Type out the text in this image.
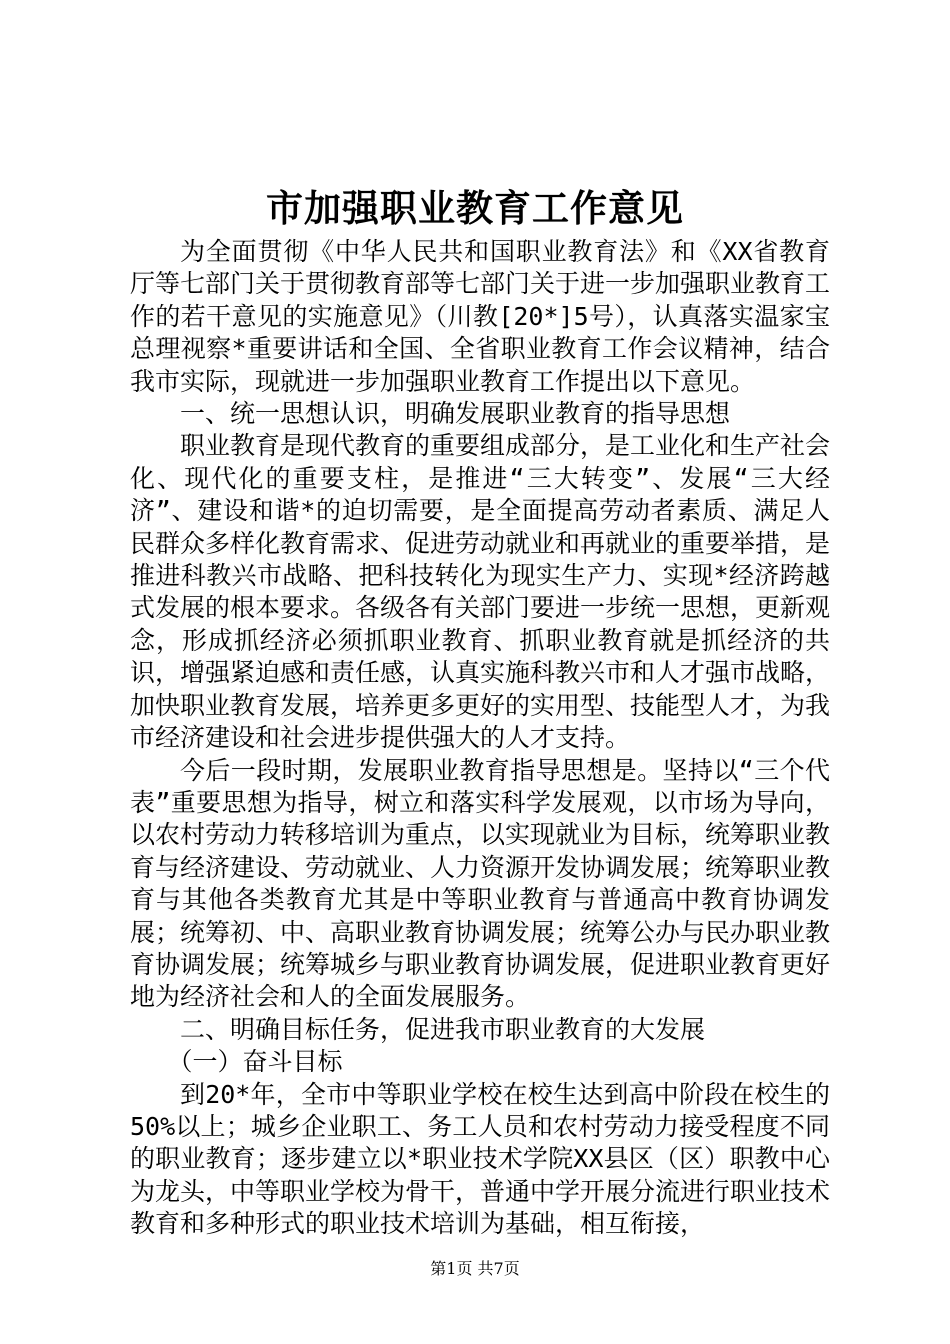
市加强职业教育工作意见

为全面贯彻《中华人民共和国职业教育法》和《XX省教育厅等七部门关于贯彻教育部等七部门关于进一步加强职业教育工作的若干意见的实施意见》（川教[20*]5号），认真落实温家宝总理视察*重要讲话和全国、全省职业教育工作会议精神，结合我市实际，现就进一步加强职业教育工作提出以下意见。

一、统一思想认识，明确发展职业教育的指导思想

职业教育是现代教育的重要组成部分，是工业化和生产社会化、现代化的重要支柱，是推进“三大转变”、发展“三大经济”、建设和谐*的迫切需要，是全面提高劳动者素质、满足人民群众多样化教育需求、促进劳动就业和再就业的重要举措，是推进科教兴市战略、把科技转化为现实生产力、实现*经济跨越式发展的根本要求。各级各有关部门要进一步统一思想，更新观念，形成抓经济必须抓职业教育、抓职业教育就是抓经济的共识，增强紧迫感和责任感，认真实施科教兴市和人才强市战略，加快职业教育发展，培养更多更好的实用型、技能型人才，为我市经济建设和社会进步提供强大的人才支持。

今后一段时期，发展职业教育指导思想是。坚持以“三个代表”重要思想为指导，树立和落实科学发展观，以市场为导向，以农村劳动力转移培训为重点，以实现就业为目标，统筹职业教育与经济建设、劳动就业、人力资源开发协调发展；统筹职业教育与其他各类教育尤其是中等职业教育与普通高中教育协调发展；统筹初、中、高职业教育协调发展；统筹公办与民办职业教育协调发展；统筹城乡与职业教育协调发展，促进职业教育更好地为经济社会和人的全面发展服务。

二、明确目标任务，促进我市职业教育的大发展

（一）奋斗目标

到20*年，全市中等职业学校在校生达到高中阶段在校生的50%以上；城乡企业职工、务工人员和农村劳动力接受程度不同的职业教育；逐步建立以*职业技术学院XX县区（区）职教中心为龙头，中等职业学校为骨干，普通中学开展分流进行职业技术教育和多种形式的职业技术培训为基础，相互衔接，

第1页 共7页
